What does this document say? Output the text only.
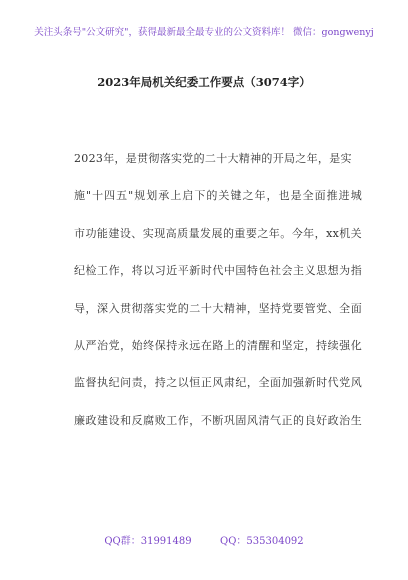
关注头条号"公文研究"，获得最新最全最专业的公文资料库！ 微信：gongwenyj
2023年局机关纪委工作要点（3074字）
2023年，是贯彻落实党的二十大精神的开局之年，是实
施"十四五"规划承上启下的关键之年，也是全面推进城
市功能建设、实现高质量发展的重要之年。今年，xx机关
纪检工作，将以习近平新时代中国特色社会主义思想为指
导，深入贯彻落实党的二十大精神，坚持党要管党、全面
从严治党，始终保持永远在路上的清醒和坚定，持续强化
监督执纪问责，持之以恒正风肃纪，全面加强新时代党风
廉政建设和反腐败工作，不断巩固风清气正的良好政治生
QQ群：31991489	QQ：535304092
